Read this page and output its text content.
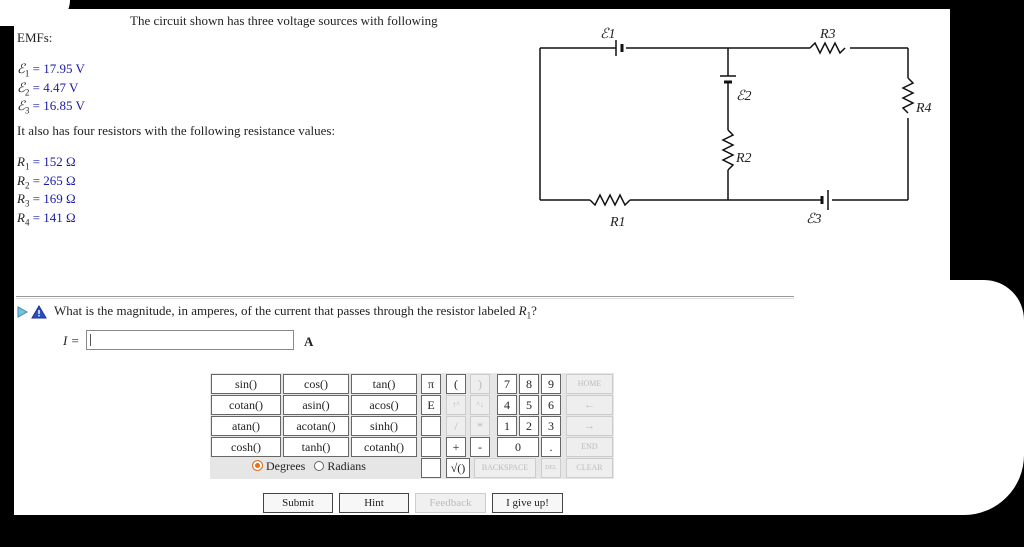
The circuit shown has three voltage sources with following
EMFs:
ℰ$_1$ = 17.95 V
ℰ$_2$ = 4.47 V
ℰ$_3$ = 16.85 V
It also has four resistors with the following resistance values:
$R_1 = 152$ Ω
$R_2 = 265$ Ω
$R_3 = 169$ Ω
$R_4 = 141$ Ω
ℰ1	R3
R4
ℰ2
R2
R1	ℰ3
What is the magnitude, in amperes, of the current that passes through the resistor labeled $R_1$?
I =	A
sin()	cos()	tan()
cotan()	asin()	acos()
atan()	acotan()	sinh()
cosh()	tanh()	cotanh()
Degrees Radians
π	(	)
E	↑^	^↓
/	*
+	-
√()
7	8	9
4	5	6
1	2	3
0	.
HOME
←
→
END
BACKSPACE	DEL	CLEAR
Submit	Hint	Feedback	I give up!
